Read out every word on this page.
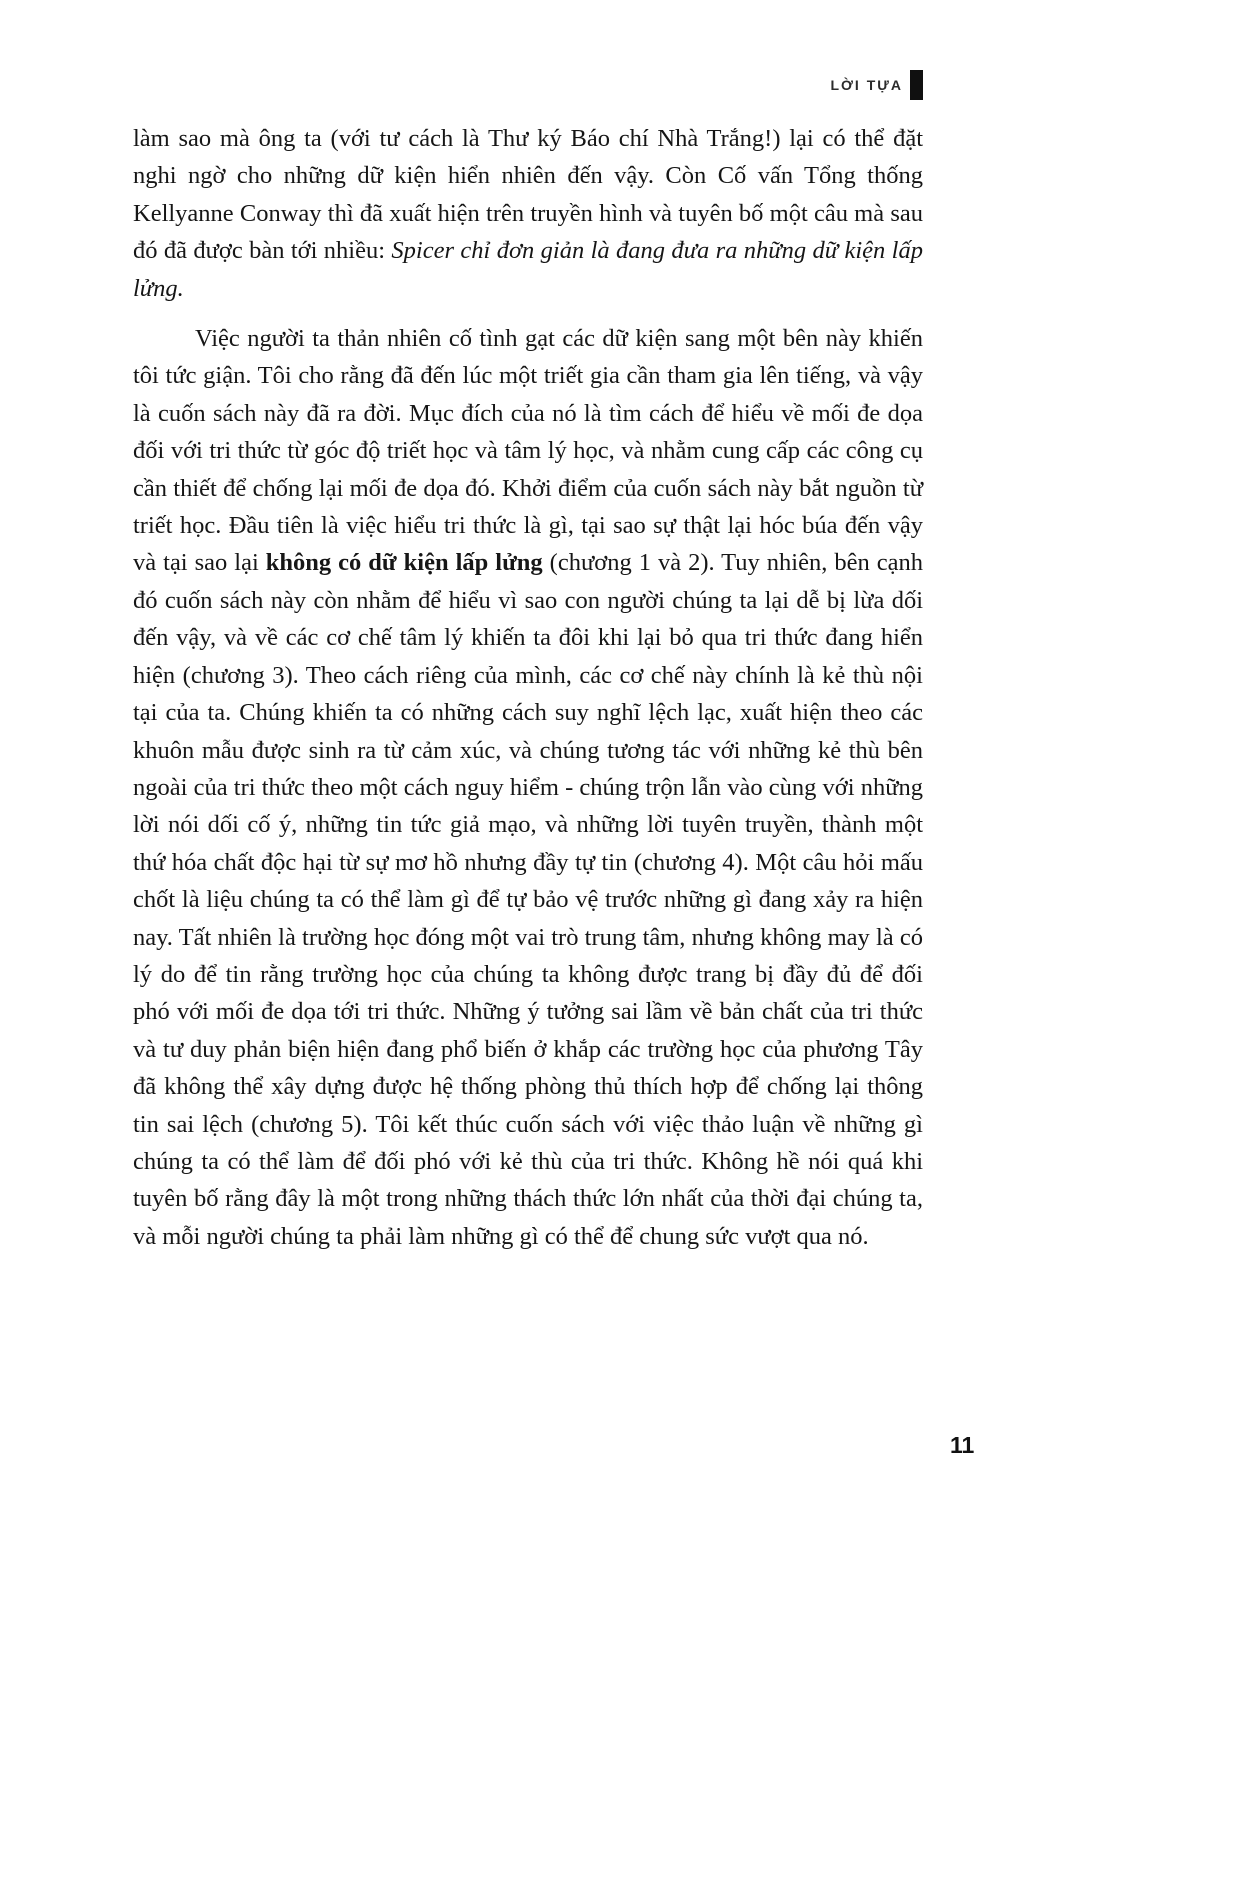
LỜI TỰA

làm sao mà ông ta (với tư cách là Thư ký Báo chí Nhà Trắng!) lại có thể đặt nghi ngờ cho những dữ kiện hiển nhiên đến vậy. Còn Cố vấn Tổng thống Kellyanne Conway thì đã xuất hiện trên truyền hình và tuyên bố một câu mà sau đó đã được bàn tới nhiều: Spicer chỉ đơn giản là đang đưa ra những dữ kiện lấp lửng.

Việc người ta thản nhiên cố tình gạt các dữ kiện sang một bên này khiến tôi tức giận. Tôi cho rằng đã đến lúc một triết gia cần tham gia lên tiếng, và vậy là cuốn sách này đã ra đời. Mục đích của nó là tìm cách để hiểu về mối đe dọa đối với tri thức từ góc độ triết học và tâm lý học, và nhằm cung cấp các công cụ cần thiết để chống lại mối đe dọa đó. Khởi điểm của cuốn sách này bắt nguồn từ triết học. Đầu tiên là việc hiểu tri thức là gì, tại sao sự thật lại hóc búa đến vậy và tại sao lại không có dữ kiện lấp lửng (chương 1 và 2). Tuy nhiên, bên cạnh đó cuốn sách này còn nhằm để hiểu vì sao con người chúng ta lại dễ bị lừa dối đến vậy, và về các cơ chế tâm lý khiến ta đôi khi lại bỏ qua tri thức đang hiển hiện (chương 3). Theo cách riêng của mình, các cơ chế này chính là kẻ thù nội tại của ta. Chúng khiến ta có những cách suy nghĩ lệch lạc, xuất hiện theo các khuôn mẫu được sinh ra từ cảm xúc, và chúng tương tác với những kẻ thù bên ngoài của tri thức theo một cách nguy hiểm - chúng trộn lẫn vào cùng với những lời nói dối cố ý, những tin tức giả mạo, và những lời tuyên truyền, thành một thứ hóa chất độc hại từ sự mơ hồ nhưng đầy tự tin (chương 4). Một câu hỏi mấu chốt là liệu chúng ta có thể làm gì để tự bảo vệ trước những gì đang xảy ra hiện nay. Tất nhiên là trường học đóng một vai trò trung tâm, nhưng không may là có lý do để tin rằng trường học của chúng ta không được trang bị đầy đủ để đối phó với mối đe dọa tới tri thức. Những ý tưởng sai lầm về bản chất của tri thức và tư duy phản biện hiện đang phổ biến ở khắp các trường học của phương Tây đã không thể xây dựng được hệ thống phòng thủ thích hợp để chống lại thông tin sai lệch (chương 5). Tôi kết thúc cuốn sách với việc thảo luận về những gì chúng ta có thể làm để đối phó với kẻ thù của tri thức. Không hề nói quá khi tuyên bố rằng đây là một trong những thách thức lớn nhất của thời đại chúng ta, và mỗi người chúng ta phải làm những gì có thể để chung sức vượt qua nó.

11
